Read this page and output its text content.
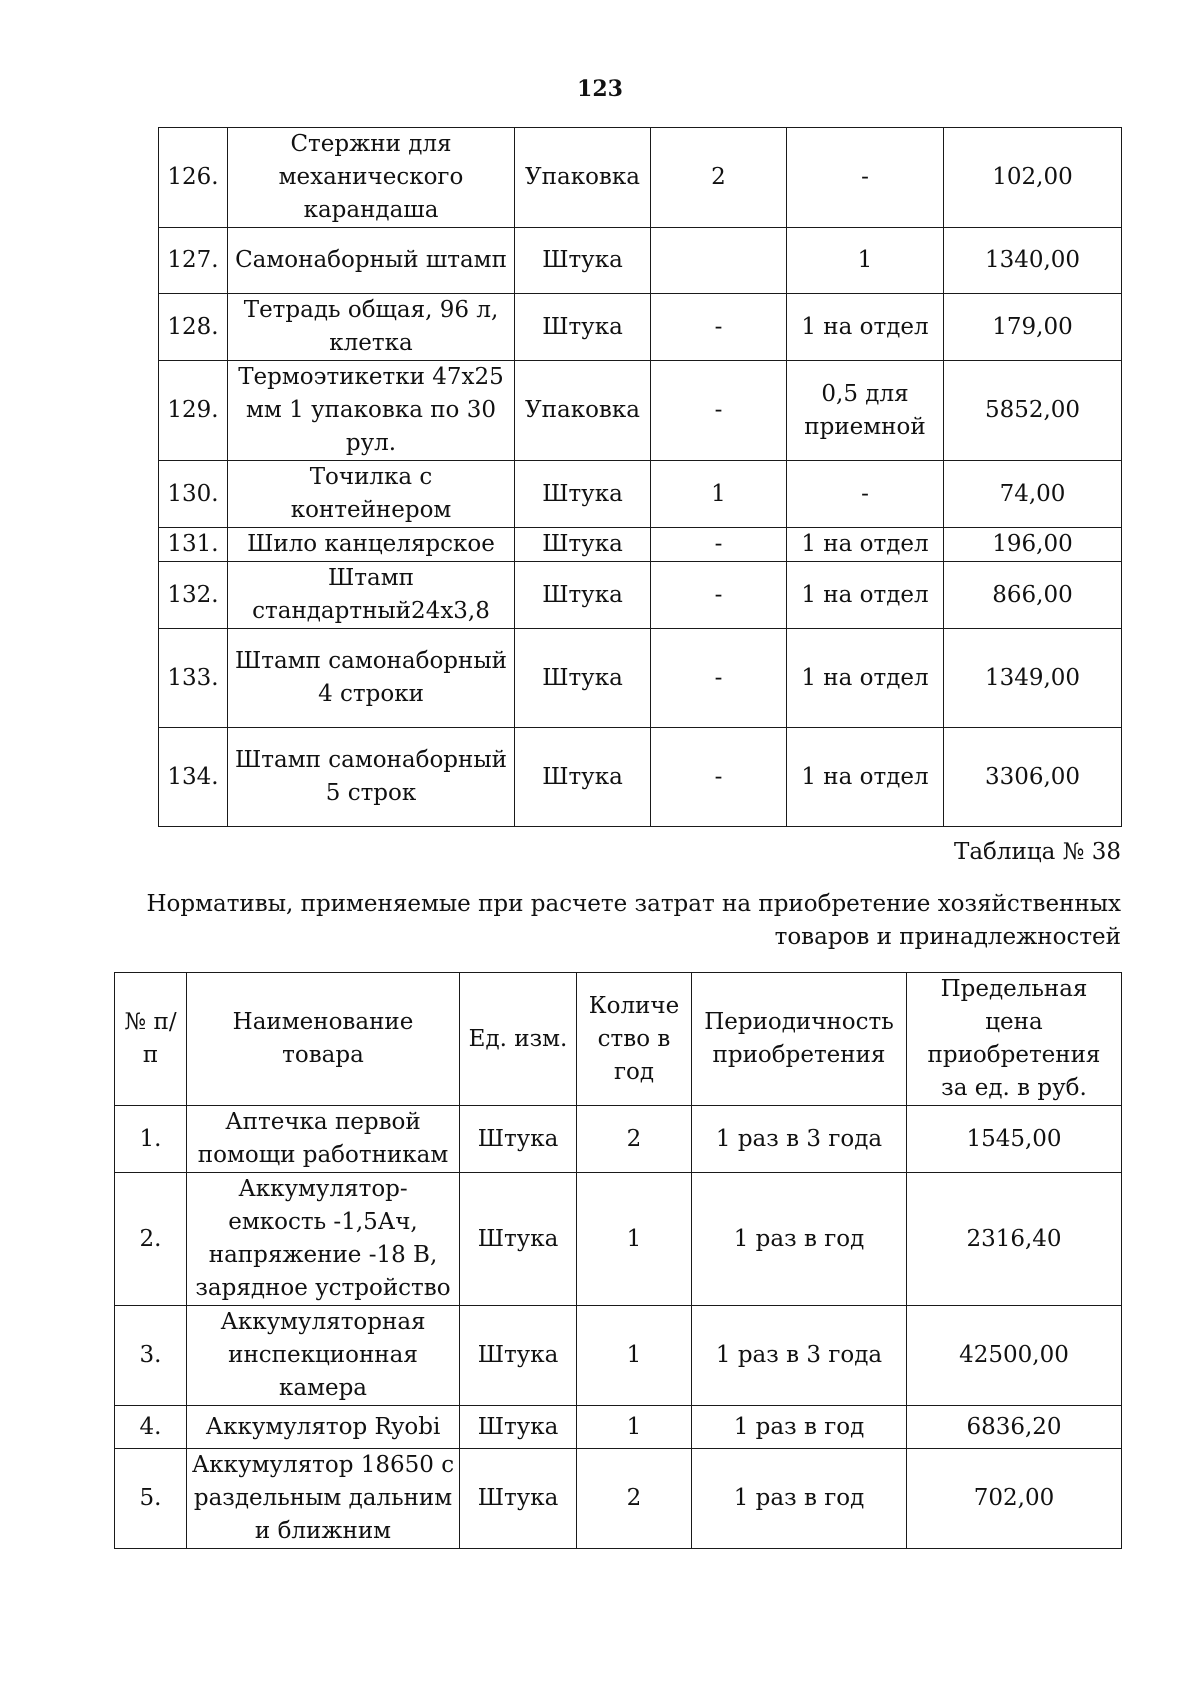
123
126.	Стержни для механического карандаша	Упаковка	2	-	102,00
127.	Самонаборный штамп	Штука		1	1340,00
128.	Тетрадь общая, 96 л, клетка	Штука	-	1 на отдел	179,00
129.	Термоэтикетки 47x25 мм 1 упаковка по 30 рул.	Упаковка	-	0,5 для приемной	5852,00
130.	Точилка с контейнером	Штука	1	-	74,00
131.	Шило канцелярское	Штука	-	1 на отдел	196,00
132.	Штамп стандартный24x3,8	Штука	-	1 на отдел	866,00
133.	Штамп самонаборный 4 строки	Штука	-	1 на отдел	1349,00
134.	Штамп самонаборный 5 строк	Штука	-	1 на отдел	3306,00
Таблица № 38
Нормативы, применяемые при расчете затрат на приобретение хозяйственных товаров и принадлежностей
№ п/п	Наименование товара	Ед. изм.	Количе ство в год	Периодичность приобретения	Предельная цена приобретения за ед. в руб.
1.	Аптечка первой помощи работникам	Штука	2	1 раз в 3 года	1545,00
2.	Аккумулятор-емкость -1,5Ач, напряжение -18 В, зарядное устройство	Штука	1	1 раз в год	2316,40
3.	Аккумуляторная инспекционная камера	Штука	1	1 раз в 3 года	42500,00
4.	Аккумулятор Ryobi	Штука	1	1 раз в год	6836,20
5.	Аккумулятор 18650 с раздельным дальним и ближним	Штука	2	1 раз в год	702,00
